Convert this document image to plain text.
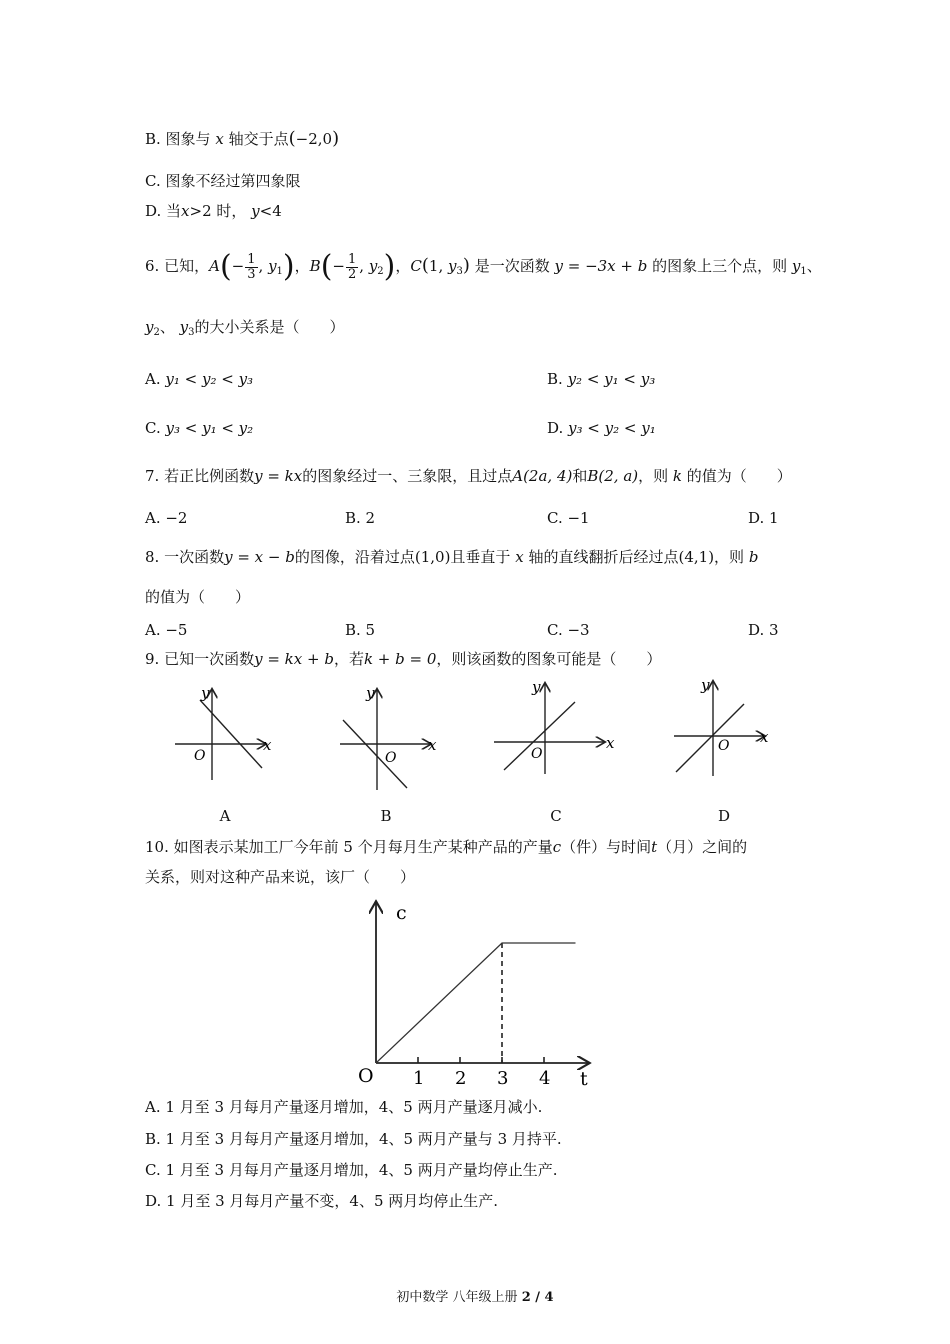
B. 图象与 x 轴交于点(−2,0)
C. 图象不经过第四象限
D. 当x>2 时， y<4
6. 已知，$A(- \frac{1}{3}$ , $y_1$)，$B(- \frac{1}{2}$ , $y_2$)，C(1, $y_3$) 是一次函数 y = −3x + b 的图象上三个点，则 $y_1$、
$y_2$、 $y_3$的大小关系是（　　）
A. y₁ < y₂ < y₃	B. y₂ < y₁ < y₃
C. y₃ < y₁ < y₂	D. y₃ < y₂ < y₁
7. 若正比例函数y = kx的图象经过一、三象限，且过点A(2a, 4)和B(2, a)，则 k 的值为（　　）
A. −2	B. 2	C. −1	D. 1
8. 一次函数y = x − b的图像，沿着过点(1,0)且垂直于 x 轴的直线翻折后经过点(4,1)，则 b
的值为（　　）
A. −5	B. 5	C. −3	D. 3
9. 已知一次函数y = kx + b，若k + b = 0，则该函数的图象可能是（　　）
y
x
O
y
x
O
y
x
O
y
x
O
A	B	C	D
10. 如图表示某加工厂今年前 5 个月每月生产某种产品的产量c（件）与时间t（月）之间的
关系，则对这种产品来说，该厂（　　）
c
t
O 1 2 3 4
A. 1 月至 3 月每月产量逐月增加，4、5 两月产量逐月减小.
B. 1 月至 3 月每月产量逐月增加，4、5 两月产量与 3 月持平.
C. 1 月至 3 月每月产量逐月增加，4、5 两月产量均停止生产.
D. 1 月至 3 月每月产量不变，4、5 两月均停止生产.
初中数学 八年级上册 2 / 4
